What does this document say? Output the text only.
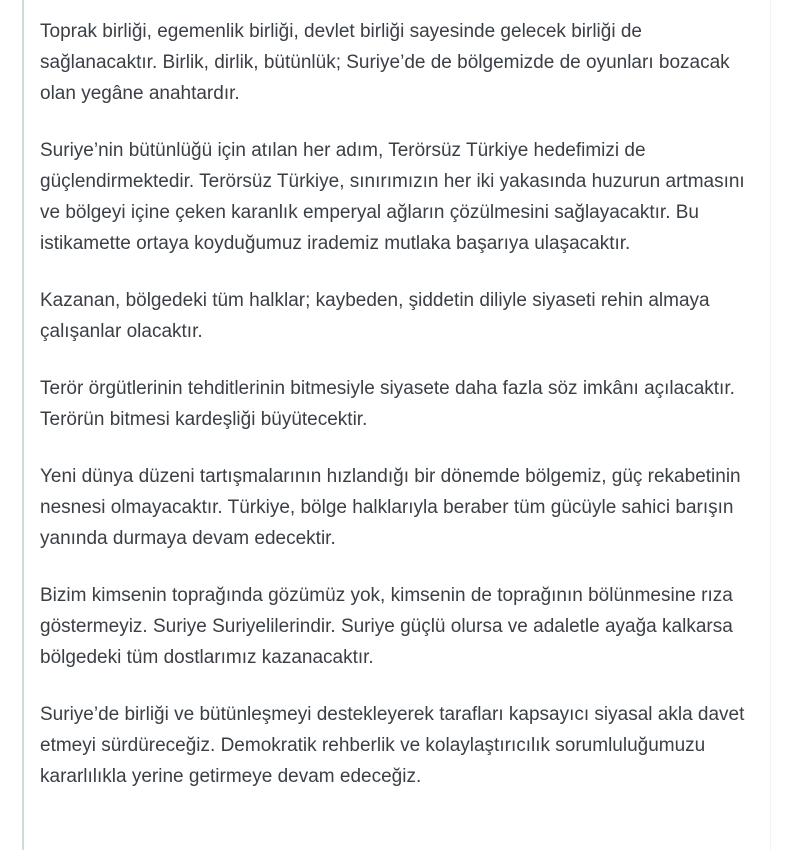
Toprak birliği, egemenlik birliği, devlet birliği sayesinde gelecek birliği de sağlanacaktır. Birlik, dirlik, bütünlük; Suriye’de de bölgemizde de oyunları bozacak olan yegâne anahtardır.

Suriye’nin bütünlüğü için atılan her adım, Terörsüz Türkiye hedefimizi de güçlendirmektedir. Terörsüz Türkiye, sınırımızın her iki yakasında huzurun artmasını ve bölgeyi içine çeken karanlık emperyal ağların çözülmesini sağlayacaktır. Bu istikamette ortaya koyduğumuz irademiz mutlaka başarıya ulaşacaktır.

Kazanan, bölgedeki tüm halklar; kaybeden, şiddetin diliyle siyaseti rehin almaya çalışanlar olacaktır.

Terör örgütlerinin tehditlerinin bitmesiyle siyasete daha fazla söz imkânı açılacaktır. Terörün bitmesi kardeşliği büyütecektir.

Yeni dünya düzeni tartışmalarının hızlandığı bir dönemde bölgemiz, güç rekabetinin nesnesi olmayacaktır. Türkiye, bölge halklarıyla beraber tüm gücüyle sahici barışın yanında durmaya devam edecektir.

Bizim kimsenin toprağında gözümüz yok, kimsenin de toprağının bölünmesine rıza göstermeyiz. Suriye Suriyelilerindir. Suriye güçlü olursa ve adaletle ayağa kalkarsa bölgedeki tüm dostlarımız kazanacaktır.

Suriye’de birliği ve bütünleşmeyi destekleyerek tarafları kapsayıcı siyasal akla davet etmeyi sürdüreceğiz. Demokratik rehberlik ve kolaylaştırıcılık sorumluluğumuzu kararlılıkla yerine getirmeye devam edeceğiz.
